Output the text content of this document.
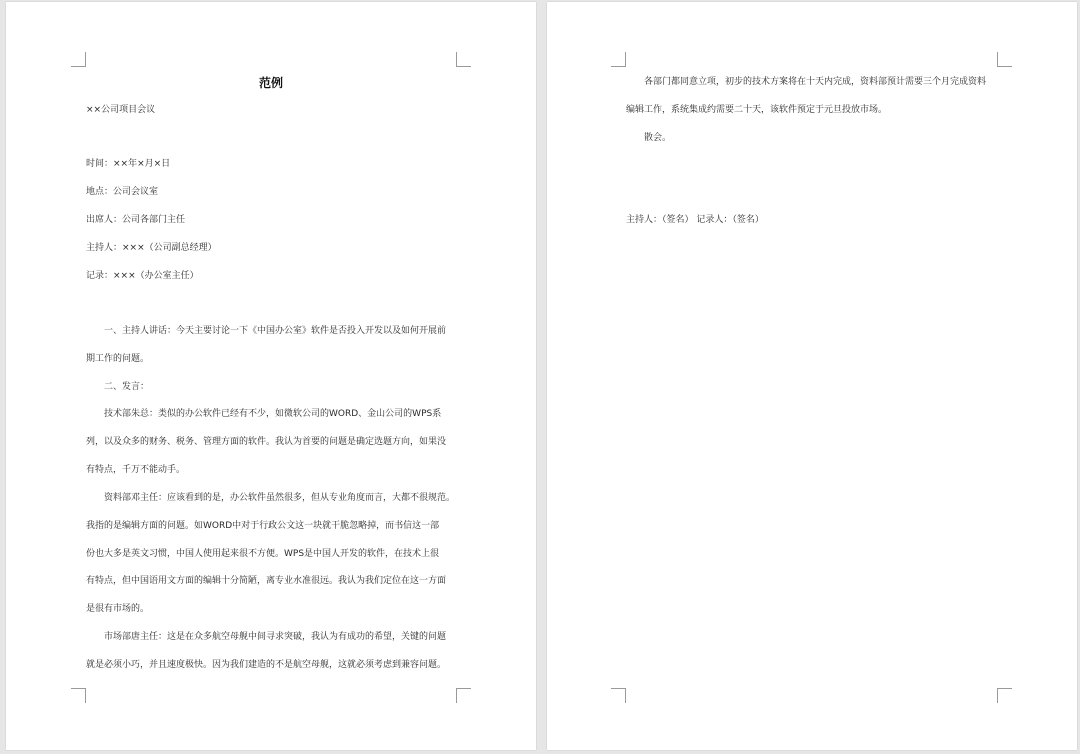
范例
××公司项目会议
时间：××年×月×日
地点：公司会议室
出席人：公司各部门主任
主持人：×××（公司副总经理）
记录：×××（办公室主任）
一、主持人讲话：今天主要讨论一下《中国办公室》软件是否投入开发以及如何开展前
期工作的问题。
二、发言：
技术部朱总：类似的办公软件已经有不少，如微软公司的WORD、金山公司的WPS系
列，以及众多的财务、税务、管理方面的软件。我认为首要的问题是确定选题方向，如果没
有特点，千万不能动手。
资料部邓主任：应该看到的是，办公软件虽然很多，但从专业角度而言，大都不很规范。
我指的是编辑方面的问题。如WORD中对于行政公文这一块就干脆忽略掉，而书信这一部
份也大多是英文习惯，中国人使用起来很不方便。WPS是中国人开发的软件，在技术上很
有特点，但中国语用文方面的编辑十分简陋，离专业水准很远。我认为我们定位在这一方面
是很有市场的。
市场部唐主任：这是在众多航空母舰中间寻求突破，我认为有成功的希望，关键的问题
就是必须小巧，并且速度极快。因为我们建造的不是航空母舰，这就必须考虑到兼容问题。
各部门都同意立项，初步的技术方案将在十天内完成，资料部预计需要三个月完成资料
编辑工作，系统集成约需要二十天，该软件预定于元旦投放市场。
散会。
主持人：（签名） 记录人：（签名）
